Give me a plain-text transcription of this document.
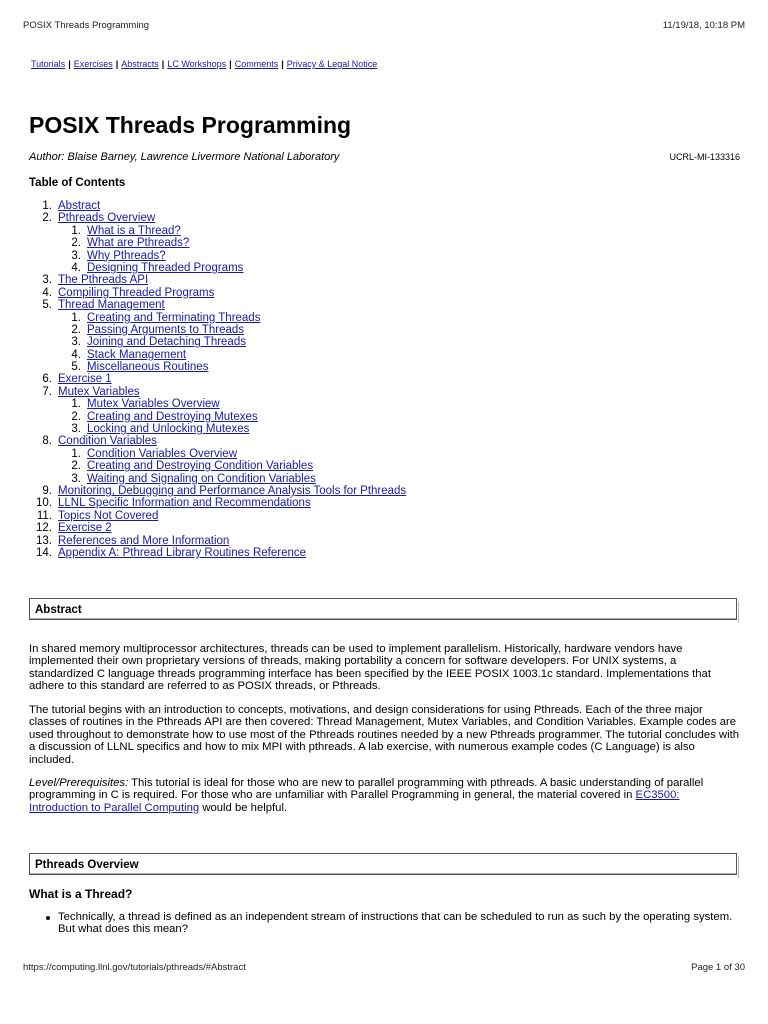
POSIX Threads Programming	11/19/18, 10:18 PM
Tutorials | Exercises | Abstracts | LC Workshops | Comments | Privacy & Legal Notice
POSIX Threads Programming
Author: Blaise Barney, Lawrence Livermore National Laboratory	UCRL-MI-133316
Table of Contents
1. Abstract
2. Pthreads Overview
1. What is a Thread?
2. What are Pthreads?
3. Why Pthreads?
4. Designing Threaded Programs
3. The Pthreads API
4. Compiling Threaded Programs
5. Thread Management
1. Creating and Terminating Threads
2. Passing Arguments to Threads
3. Joining and Detaching Threads
4. Stack Management
5. Miscellaneous Routines
6. Exercise 1
7. Mutex Variables
1. Mutex Variables Overview
2. Creating and Destroying Mutexes
3. Locking and Unlocking Mutexes
8. Condition Variables
1. Condition Variables Overview
2. Creating and Destroying Condition Variables
3. Waiting and Signaling on Condition Variables
9. Monitoring, Debugging and Performance Analysis Tools for Pthreads
10. LLNL Specific Information and Recommendations
11. Topics Not Covered
12. Exercise 2
13. References and More Information
14. Appendix A: Pthread Library Routines Reference
Abstract

In shared memory multiprocessor architectures, threads can be used to implement parallelism. Historically, hardware vendors have implemented their own proprietary versions of threads, making portability a concern for software developers. For UNIX systems, a standardized C language threads programming interface has been specified by the IEEE POSIX 1003.1c standard. Implementations that adhere to this standard are referred to as POSIX threads, or Pthreads.

The tutorial begins with an introduction to concepts, motivations, and design considerations for using Pthreads. Each of the three major classes of routines in the Pthreads API are then covered: Thread Management, Mutex Variables, and Condition Variables. Example codes are used throughout to demonstrate how to use most of the Pthreads routines needed by a new Pthreads programmer. The tutorial concludes with a discussion of LLNL specifics and how to mix MPI with pthreads. A lab exercise, with numerous example codes (C Language) is also included.

Level/Prerequisites: This tutorial is ideal for those who are new to parallel programming with pthreads. A basic understanding of parallel programming in C is required. For those who are unfamiliar with Parallel Programming in general, the material covered in EC3500: Introduction to Parallel Computing would be helpful.

Pthreads Overview
What is a Thread?
Technically, a thread is defined as an independent stream of instructions that can be scheduled to run as such by the operating system. But what does this mean?
https://computing.llnl.gov/tutorials/pthreads/#Abstract	Page 1 of 30
